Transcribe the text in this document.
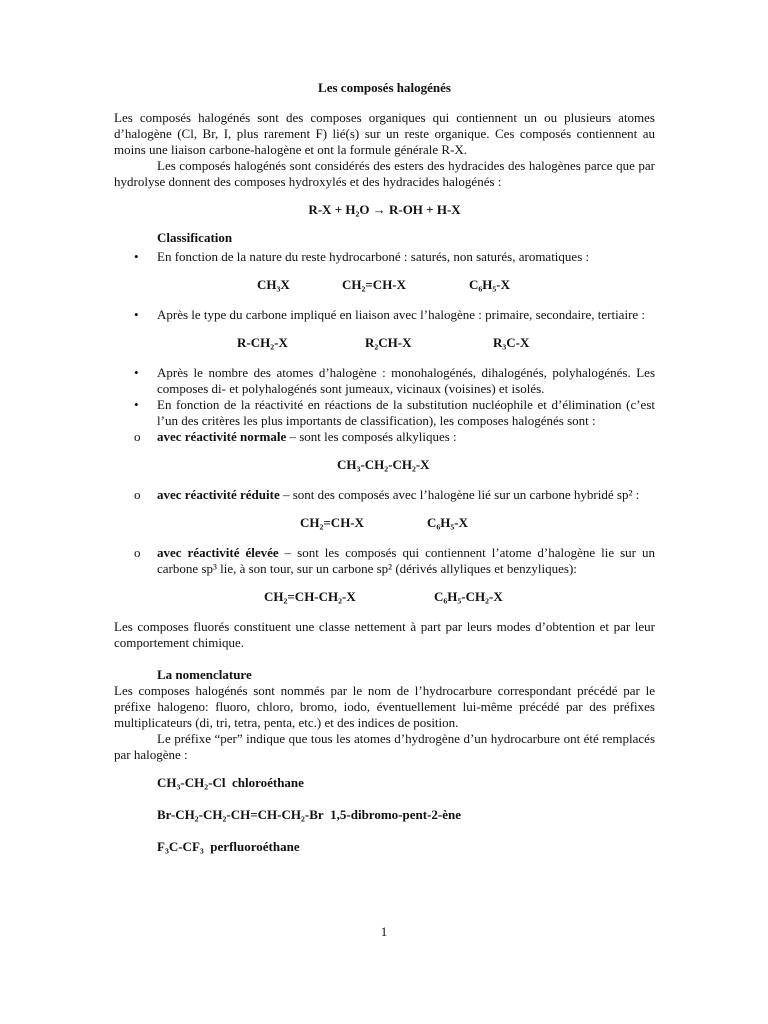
Les composés halogénés

Les composés halogénés sont des composes organiques qui contiennent un ou plusieurs atomes d’halogène (Cl, Br, I, plus rarement F) lié(s) sur un reste organique. Ces composés contiennent au moins une liaison carbone-halogène et ont la formule générale R-X.

Les composés halogénés sont considérés des esters des hydracides des halogènes parce que par hydrolyse donnent des composes hydroxylés et des hydracides halogénés :

R-X + H₂O → R-OH + H-X
Classification
• En fonction de la nature du reste hydrocarboné : saturés, non saturés, aromatiques :
CH₃X	CH₂=CH-X	C₆H₅-X
• Après le type du carbone impliqué en liaison avec l’halogène : primaire, secondaire, tertiaire :
R-CH₂-X	R₂CH-X	R₃C-X
• Après le nombre des atomes d’halogène : monohalogénés, dihalogénés, polyhalogénés. Les composes di- et polyhalogénés sont jumeaux, vicinaux (voisines) et isolés.
• En fonction de la réactivité en réactions de la substitution nucléophile et d’élimination (c’est l’un des critères les plus importants de classification), les composes halogénés sont :
o avec réactivité normale – sont les composés alkyliques :
CH₃-CH₂-CH₂-X
o avec réactivité réduite – sont des composés avec l’halogène lié sur un carbone hybridé sp² :
CH₂=CH-X	C₆H₅-X
o avec réactivité élevée – sont les composés qui contiennent l’atome d’halogène lie sur un carbone sp³ lie, à son tour, sur un carbone sp² (dérivés allyliques et benzyliques):
CH₂=CH-CH₂-X	C₆H₅-CH₂-X

Les composes fluorés constituent une classe nettement à part par leurs modes d’obtention et par leur comportement chimique.

La nomenclature

Les composes halogénés sont nommés par le nom de l’hydrocarbure correspondant précédé par le préfixe halogeno: fluoro, chloro, bromo, iodo, éventuellement lui-même précédé par des préfixes multiplicateurs (di, tri, tetra, penta, etc.) et des indices de position.

Le préfixe “per” indique que tous les atomes d’hydrogène d’un hydrocarbure ont été remplacés par halogène :

CH₃-CH₂-Cl chloroéthane
Br-CH₂-CH₂-CH=CH-CH₂-Br 1,5-dibromo-pent-2-ène
F₃C-CF₃ perfluoroéthane
1
